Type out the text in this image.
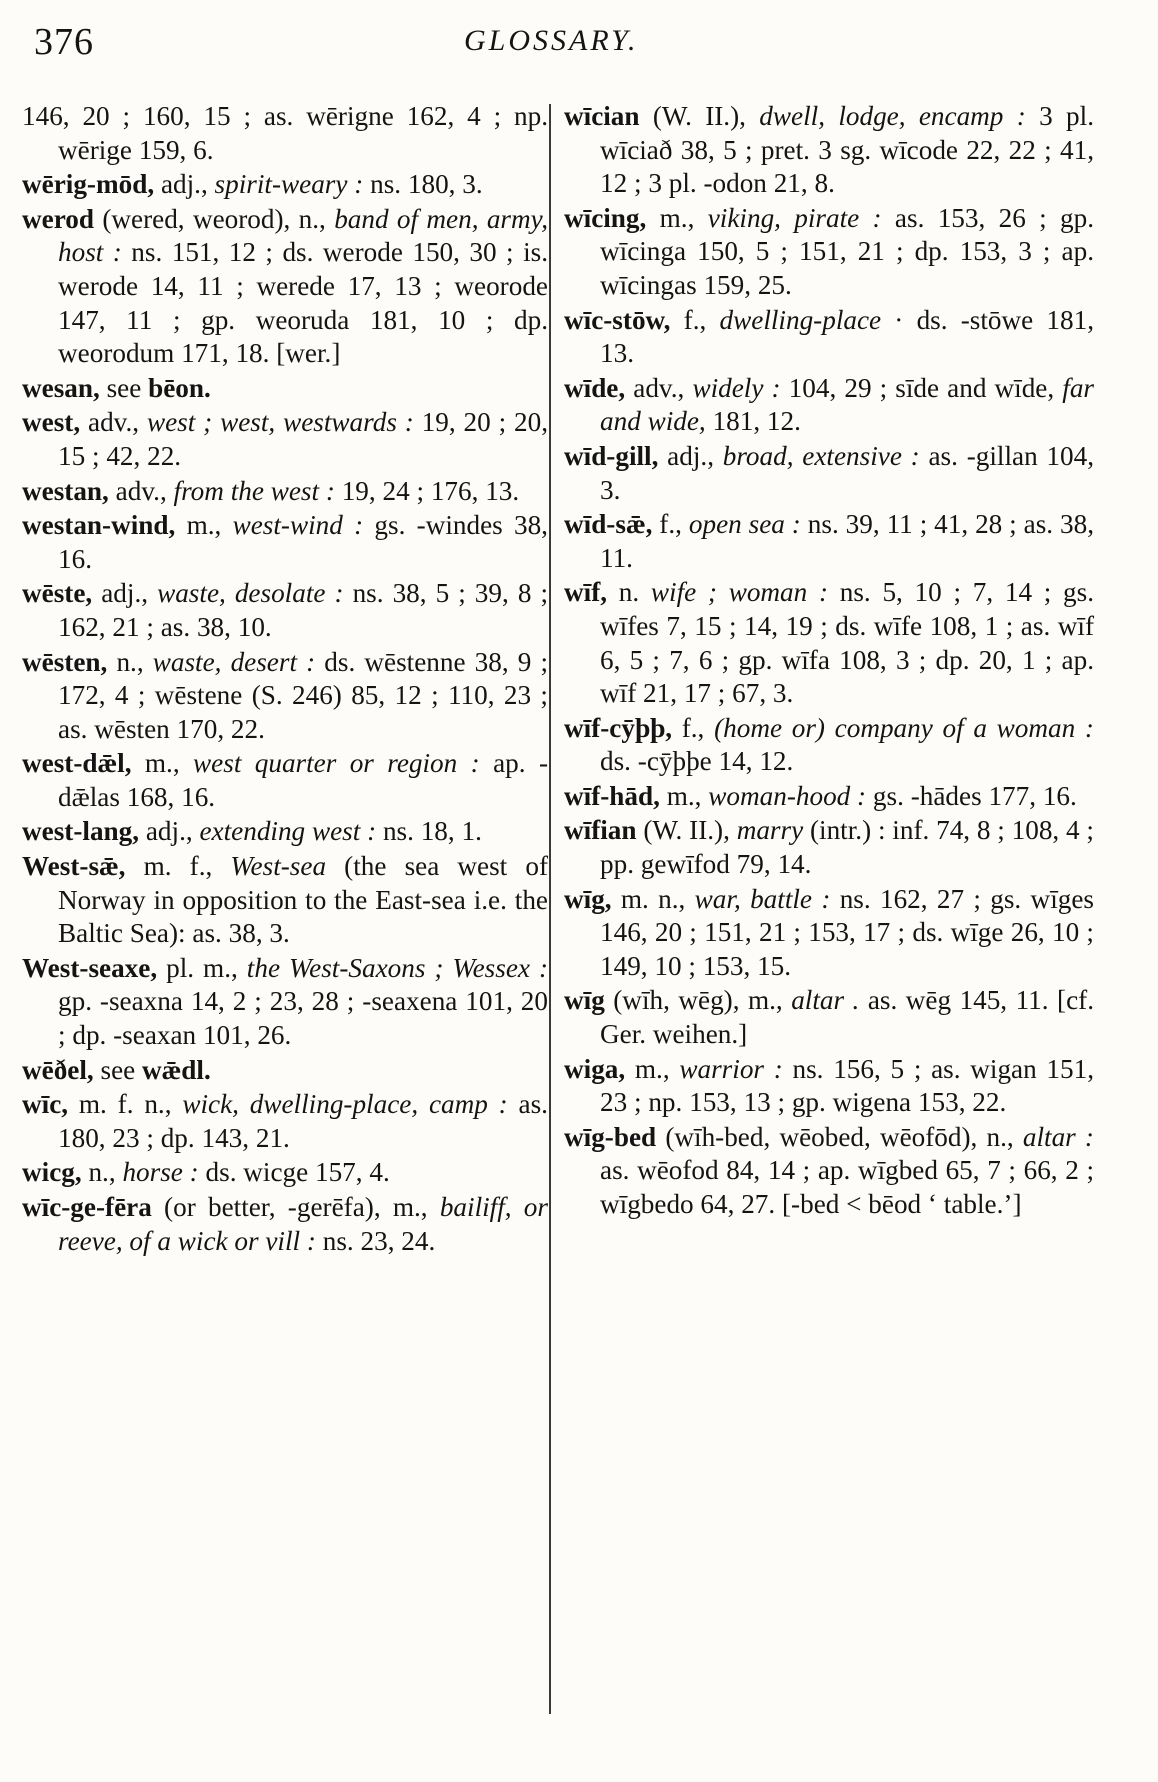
376	GLOSSARY.

146, 20 ; 160, 15 ; as. wērigne 162, 4 ; np. wērige 159, 6.

wērig-mōd, adj., spirit-weary : ns. 180, 3.

werod (wered, weorod), n., band of men, army, host : ns. 151, 12 ; ds. werode 150, 30 ; is. werode 14, 11 ; werede 17, 13 ; weorode 147, 11 ; gp. weoruda 181, 10 ; dp. weorodum 171, 18. [wer.]

wesan, see bēon.

west, adv., west ; west, westwards : 19, 20 ; 20, 15 ; 42, 22.

westan, adv., from the west : 19, 24 ; 176, 13.

westan-wind, m., west-wind : gs. -windes 38, 16.

wēste, adj., waste, desolate : ns. 38, 5 ; 39, 8 ; 162, 21 ; as. 38, 10.

wēsten, n., waste, desert : ds. wēstenne 38, 9 ; 172, 4 ; wēstene (S. 246) 85, 12 ; 110, 23 ; as. wēsten 170, 22.

west-dǣl, m., west quarter or region : ap. -dǣlas 168, 16.

west-lang, adj., extending west : ns. 18, 1.

West-sǣ, m. f., West-sea (the sea west of Norway in opposition to the East-sea i.e. the Baltic Sea): as. 38, 3.

West-seaxe, pl. m., the West-Saxons ; Wessex : gp. -seaxna 14, 2 ; 23, 28 ; -seaxena 101, 20 ; dp. -seaxan 101, 26.

wēðel, see wǣdl.

wīc, m. f. n., wick, dwelling-place, camp : as. 180, 23 ; dp. 143, 21.

wicg, n., horse : ds. wicge 157, 4.

wīc-ge-fēra (or better, -gerēfa), m., bailiff, or reeve, of a wick or vill : ns. 23, 24.

wīcian (W. II.), dwell, lodge, encamp : 3 pl. wīciað 38, 5 ; pret. 3 sg. wīcode 22, 22 ; 41, 12 ; 3 pl. -odon 21, 8.

wīcing, m., viking, pirate : as. 153, 26 ; gp. wīcinga 150, 5 ; 151, 21 ; dp. 153, 3 ; ap. wīcingas 159, 25.

wīc-stōw, f., dwelling-place · ds. -stōwe 181, 13.

wīde, adv., widely : 104, 29 ; sīde and wīde, far and wide, 181, 12.

wīd-gill, adj., broad, extensive : as. -gillan 104, 3.

wīd-sǣ, f., open sea : ns. 39, 11 ; 41, 28 ; as. 38, 11.

wīf, n. wife ; woman : ns. 5, 10 ; 7, 14 ; gs. wīfes 7, 15 ; 14, 19 ; ds. wīfe 108, 1 ; as. wīf 6, 5 ; 7, 6 ; gp. wīfa 108, 3 ; dp. 20, 1 ; ap. wīf 21, 17 ; 67, 3.

wīf-cȳþþ, f., (home or) company of a woman : ds. -cȳþþe 14, 12.

wīf-hād, m., woman-hood : gs. -hādes 177, 16.

wīfian (W. II.), marry (intr.) : inf. 74, 8 ; 108, 4 ; pp. gewīfod 79, 14.

wīg, m. n., war, battle : ns. 162, 27 ; gs. wīges 146, 20 ; 151, 21 ; 153, 17 ; ds. wīge 26, 10 ; 149, 10 ; 153, 15.

wīg (wīh, wēg), m., altar . as. wēg 145, 11. [cf. Ger. weihen.]

wiga, m., warrior : ns. 156, 5 ; as. wigan 151, 23 ; np. 153, 13 ; gp. wigena 153, 22.

wīg-bed (wīh-bed, wēobed, wēofōd), n., altar : as. wēofod 84, 14 ; ap. wīgbed 65, 7 ; 66, 2 ; wīgbedo 64, 27. [-bed < bēod ‘ table.’]
